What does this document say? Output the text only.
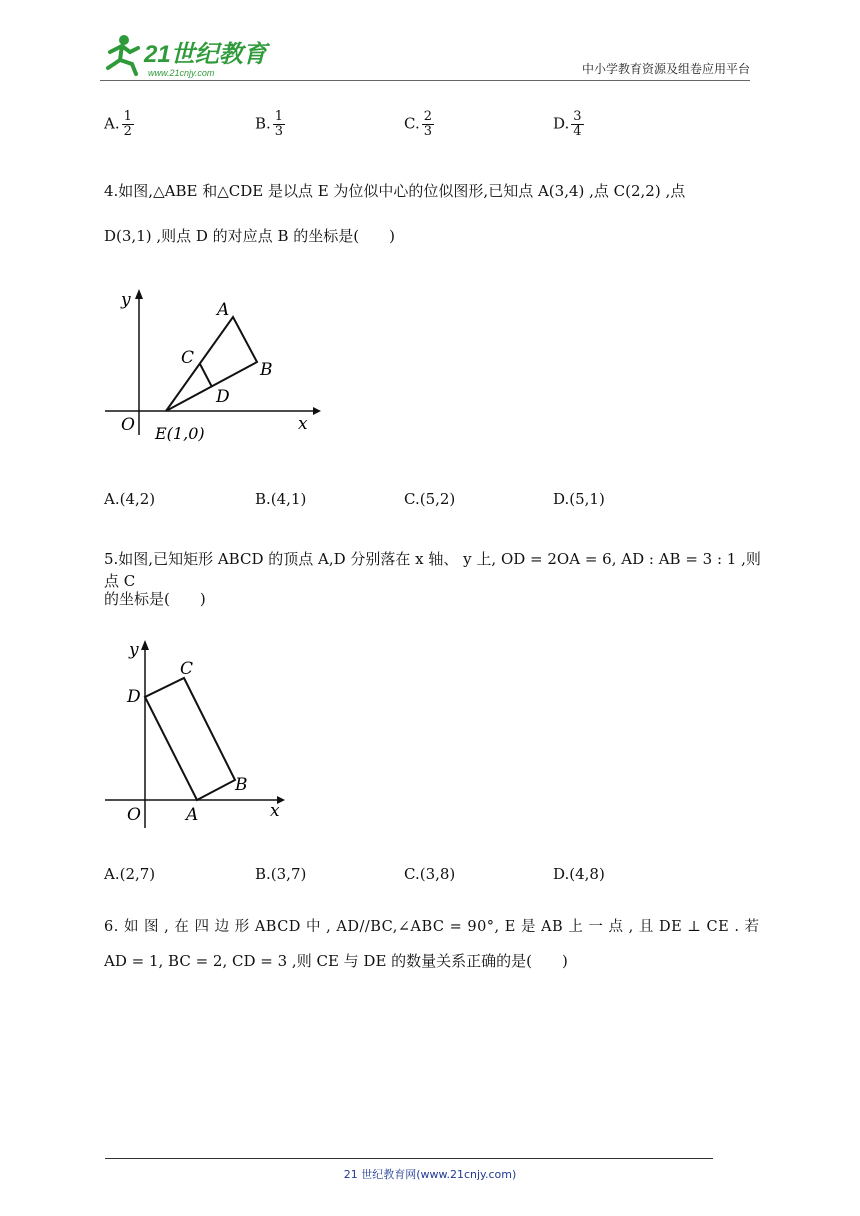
21世纪教育
www.21cnjy.com	中小学教育资源及组卷应用平台
A. $\frac{1}{2}$	B. $\frac{1}{3}$	C. $\frac{2}{3}$	D. $\frac{3}{4}$
4.如图,△ABE 和△CDE 是以点 E 为位似中心的位似图形,已知点 A(3,4) ,点 C(2,2) ,点
D(3,1) ,则点 D 的对应点 B 的坐标是(　　)
y
x
O E(1,0)
A
B
C
D
A.(4,2)	B.(4,1)	C.(5,2)	D.(5,1)
5.如图,已知矩形 ABCD 的顶点 A,D 分别落在 x 轴、 y 上, OD = 2OA = 6, AD : AB = 3 : 1 ,则点 C
的坐标是(　　)
y
x
O
D
C
B
A
A.(2,7)	B.(3,7)	C.(3,8)	D.(4,8)
6. 如 图 , 在 四 边 形 ABCD 中 , AD//BC,∠ABC = 90°, E 是 AB 上 一 点 , 且 DE ⊥ CE . 若
AD = 1, BC = 2, CD = 3 ,则 CE 与 DE 的数量关系正确的是(　　)
21 世纪教育网(www.21cnjy.com)
